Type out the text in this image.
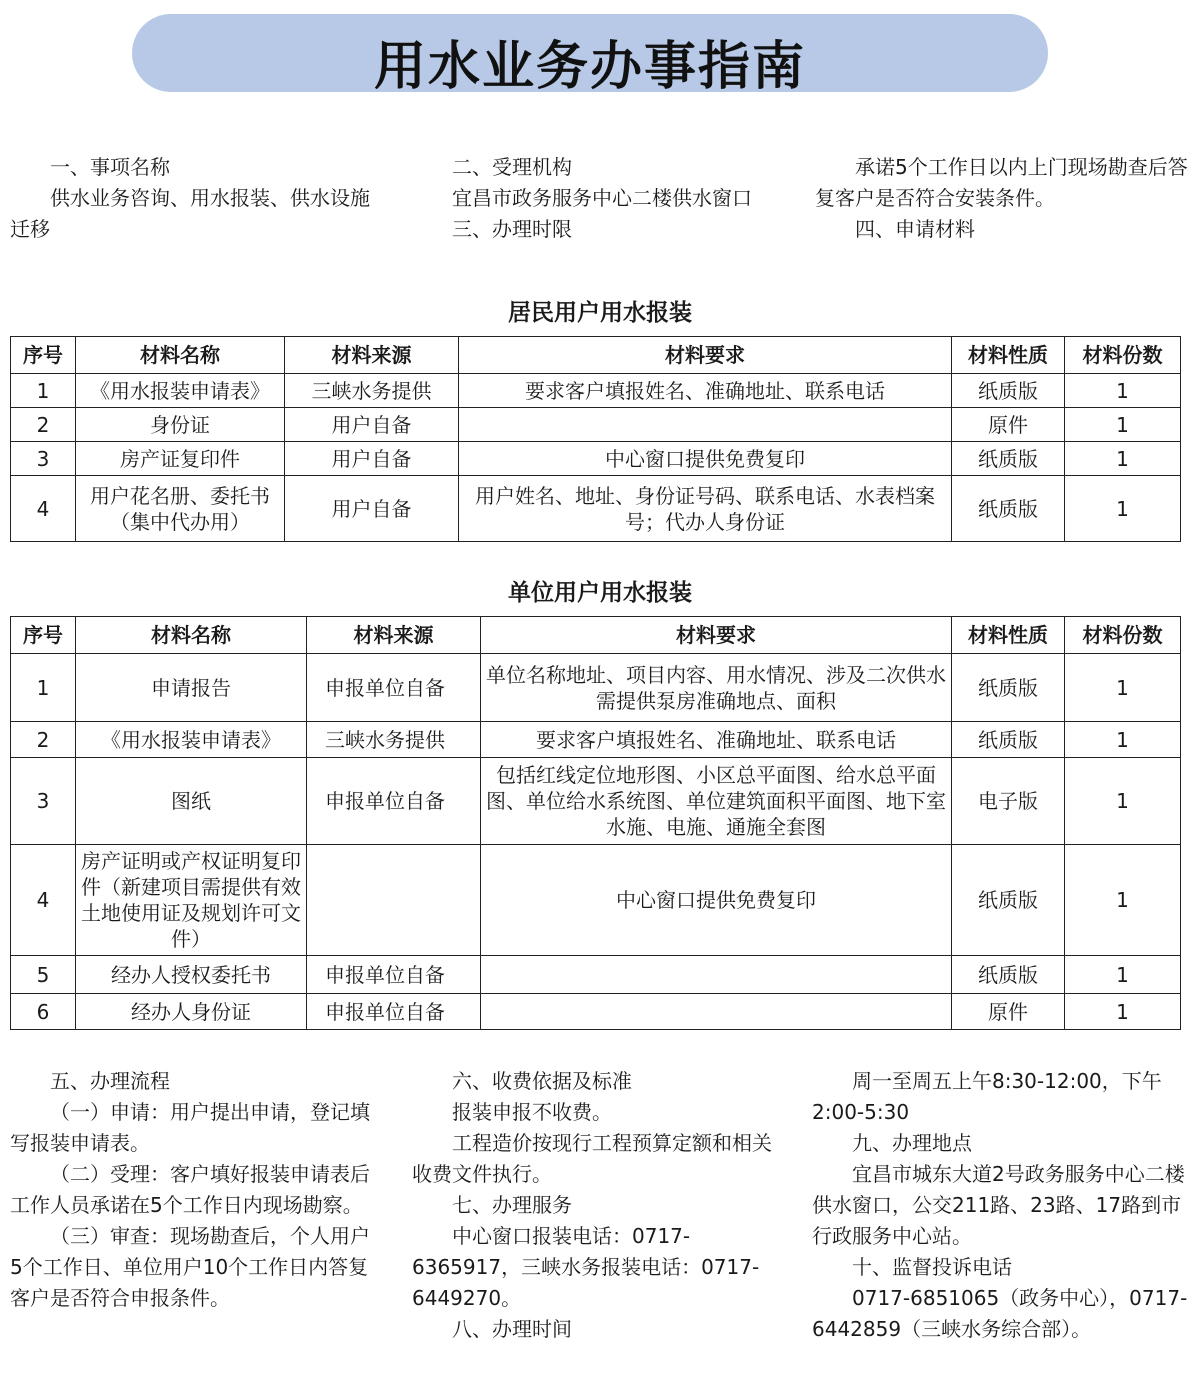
用水业务办事指南

一、事项名称

供水业务咨询、用水报装、供水设施迁移

二、受理机构

宜昌市政务服务中心二楼供水窗口

三、办理时限

承诺5个工作日以内上门现场勘查后答复客户是否符合安装条件。

四、申请材料

居民用户用水报装
序号	材料名称	材料来源	材料要求	材料性质	材料份数
1	《用水报装申请表》	三峡水务提供	要求客户填报姓名、准确地址、联系电话	纸质版	1
2	身份证	用户自备		原件	1
3	房产证复印件	用户自备	中心窗口提供免费复印	纸质版	1
4	用户花名册、委托书（集中代办用）	用户自备	用户姓名、地址、身份证号码、联系电话、水表档案号；代办人身份证	纸质版	1
单位用户用水报装
序号	材料名称	材料来源	材料要求	材料性质	材料份数
1	申请报告	申报单位自备	单位名称地址、项目内容、用水情况、涉及二次供水需提供泵房准确地点、面积	纸质版	1
2	《用水报装申请表》	三峡水务提供	要求客户填报姓名、准确地址、联系电话	纸质版	1
3	图纸	申报单位自备	包括红线定位地形图、小区总平面图、给水总平面图、单位给水系统图、单位建筑面积平面图、地下室水施、电施、通施全套图	电子版	1
4	房产证明或产权证明复印件（新建项目需提供有效土地使用证及规划许可文件）		中心窗口提供免费复印	纸质版	1
5	经办人授权委托书	申报单位自备		纸质版	1
6	经办人身份证	申报单位自备		原件	1

五、办理流程

（一）申请：用户提出申请，登记填写报装申请表。

（二）受理：客户填好报装申请表后工作人员承诺在5个工作日内现场勘察。

（三）审查：现场勘查后，个人用户5个工作日、单位用户10个工作日内答复客户是否符合申报条件。

六、收费依据及标准

报装申报不收费。

工程造价按现行工程预算定额和相关收费文件执行。

七、办理服务

中心窗口报装电话：0717-6365917，三峡水务报装电话：0717-6449270。

八、办理时间

周一至周五上午8:30-12:00，下午2:00-5:30

九、办理地点

宜昌市城东大道2号政务服务中心二楼供水窗口，公交211路、23路、17路到市行政服务中心站。

十、监督投诉电话

0717-6851065（政务中心），0717-6442859（三峡水务综合部）。
